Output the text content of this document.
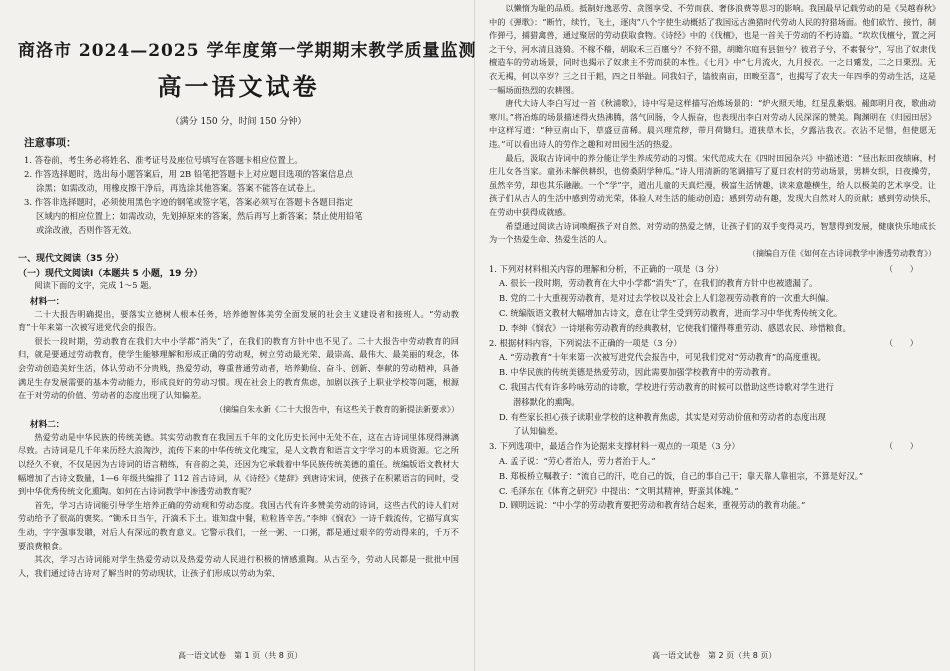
商洛市 2024—2025 学年度第一学期期末教学质量监测
高一语文试卷
（满分 150 分，时间 150 分钟）
注意事项：
1. 答卷前，考生务必将姓名、准考证号及座位号填写在答题卡相应位置上。
2. 作答选择题时，选出每小题答案后，用 2B 铅笔把答题卡上对应题目选项的答案信息点
涂黑；如需改动，用橡皮擦干净后，再选涂其他答案。答案不能答在试卷上。
3. 作答非选择题时，必须使用黑色字迹的钢笔或签字笔，答案必须写在答题卡各题目指定
区域内的相应位置上；如需改动，先划掉原来的答案，然后再写上新答案；禁止使用铅笔
或涂改液，否则作答无效。
一、现代文阅读（35 分）
（一）现代文阅读Ⅰ（本题共 5 小题，19 分）

阅读下面的文字，完成 1～5 题。

材料一：

二十大报告明确提出，要落实立德树人根本任务，培养德智体美劳全面发展的社会主义建设者和接班人。“劳动教育”十年来第一次被写进党代会的报告。

很长一段时期，劳动教育在我们大中小学都“消失”了，在我们的教育方针中也不见了。二十大报告中劳动教育的回归，就是要通过劳动教育，使学生能够理解和形成正确的劳动观，树立劳动最光荣、最崇高、最伟大、最美丽的观念，体会劳动创造美好生活，体认劳动不分贵贱，热爱劳动，尊重普通劳动者，培养勤俭、奋斗、创新、奉献的劳动精神，具备满足生存发展需要的基本劳动能力，形成良好的劳动习惯。现在社会上的教育焦虑，加剧以孩子上职业学校等问题，根源在于对劳动的价值、劳动者的态度出现了认知偏差。

（摘编自朱永新《二十大报告中，有这些关于教育的新提法新要求》）
材料二：

热爱劳动是中华民族的传统美德。其实劳动教育在我国五千年的文化历史长河中无处不在，这在古诗词里体现得淋漓尽致。古诗词是几千年来历经大浪淘沙，流传下来的中华传统文化瑰宝，是人文教育和语言文字学习的本质资源。它之所以经久不衰，不仅是因为古诗词的语言精练，有音韵之美，还因为它承载着中华民族传统美德的重任。统编版语文教材大幅增加了古诗文数量，1—6 年级共编排了 112 首古诗词，从《诗经》《楚辞》到唐诗宋词，使孩子在积累语言的同时，受到中华优秀传统文化熏陶。如何在古诗词教学中渗透劳动教育呢？

首先，学习古诗词能引导学生培养正确的劳动观和劳动态度。我国古代有许多赞美劳动的诗词，这些古代的诗人们对劳动给予了很高的褒奖。“锄禾日当午，汗滴禾下土。谁知盘中餐，粒粒皆辛苦。”李绅《悯农》一诗千载流传，它描写真实生动，字字强事发聩，对后人有深远的教育意义。它警示我们，一丝一粥、一口粥，都是通过艰辛的劳动得来的，千万不要浪费粮食。

其次，学习古诗词能对学生热爱劳动以及热爱劳动人民进行积极的情感熏陶。从古至今，劳动人民都是一批批中国人，我们通过诗古诗对了解当时的劳动现状，让孩子们形成以劳动为荣、

以懒惰为耻的品质。抵制好逸恶劳、贪图享受、不劳而获、奢侈浪费等思习的影响。我国最早记载劳动的是《吴越春秋》中的《弹歌》：“断竹，续竹，飞土，逐肉”八个字使生动概括了我国远古渔猎时代劳动人民的狩猎场面。他们砍竹、接竹，制作弹弓，捕猎禽兽，通过聚居的劳动获取食物。《诗经》中的《伐檀》，也是一首关于劳动的不朽诗篇。“坎坎伐檀兮，置之河之干兮，河水清且涟猗。不稼不穑，胡取禾三百廛兮？不狩不猎，胡瞻尔庭有县貆兮？彼君子兮，不素餐兮”，写出了奴隶伐檀造车的劳动场景，同时也揭示了奴隶主不劳而获的本性。《七月》中“七月流火，九月授衣。一之日觱发，二之日栗烈。无衣无褐，何以卒岁？三之日于耜，四之日举趾。同我妇子，馌彼南亩，田畯至喜”，也揭写了农夫一年四季的劳动生活，这是一幅场面热烈的农耕图。

唐代大诗人李白写过一首《秋浦歌》，诗中写是这样描写冶炼场景的：“炉火照天地，红星乱紫烟。赧郎明月夜，歌曲动寒川。”将冶炼的场景描述得火热沸腾，落气回肠，令人振奋，也表现出李白对劳动人民深深的赞美。陶渊明在《归园田居》中这样写道：“种豆南山下，草盛豆苗稀。晨兴理荒秽，带月荷锄归。道狭草木长，夕露沾我衣。衣沾不足惜，但使愿无违。”可以看出诗人的劳作之趣和对田园生活的热爱。

最后，汲取古诗词中的养分能让学生养成劳动的习惯。宋代范成大在《四时田园杂兴》中描述道：“昼出耘田夜绩麻，村庄儿女各当家。童孙未解供耕织，也傍桑阴学种瓜。”诗人用清新的笔调描写了夏日农村的劳动场景，男耕女织，日夜操劳，虽然辛劳，却也其乐融融。一个“学”字，道出儿童的天真烂漫，极富生活情趣，读来意趣横生，给人以极美的艺术享受。让孩子们从古人的生活中感到劳动光荣，体验人对生活的能动创造；感到劳动有趣，发现大自然对人的贡献；感到劳动快乐，在劳动中获得成就感。

希望通过阅读古诗词唤醒孩子对自然、对劳动的热爱之情，让孩子们的双手变得灵巧，智慧得到发展，健康快乐地成长为一个热爱生命、热爱生活的人。

（摘编自万佳《如何在古诗词教学中渗透劳动教育》）
（　　）
1. 下列对材料相关内容的理解和分析，不正确的一项是（3 分）
A. 很长一段时期，劳动教育在大中小学都“消失”了，在我们的教育方针中也被遗漏了。
B. 党的二十大重视劳动教育，是对过去学校以及社会上人们忽视劳动教育的一次重大纠偏。
C. 统编版语文教材大幅增加古诗文，意在让学生受到劳动教育，进而学习中华优秀传统文化。
D. 李绅《悯农》一诗堪称劳动教育的经典教材，它使我们懂得尊重劳动、感恩农民、珍惜粮食。
（　　）
2. 根据材料内容，下列说法不正确的一项是（3 分）
A. “劳动教育”十年来第一次被写进党代会报告中，可见我们党对“劳动教育”的高度重视。
B. 中华民族的传统美德是热爱劳动，因此需要加强学校教育中的劳动教育。
C. 我国古代有许多吟咏劳动的诗歌，学校进行劳动教育的时候可以借助这些诗歌对学生进行
潜移默化的熏陶。
D. 有些家长担心孩子读职业学校的这种教育焦虑，其实是对劳动价值和劳动者的态度出现
了认知偏差。
（　　）
3. 下列选项中，最适合作为论据来支撑材料一观点的一项是（3 分）
A. 孟子说：“劳心者治人，劳力者治于人。”
B. 郑板桥立嘱教子：“流自己的汗，吃自己的饭，自己的事自己干；靠天靠人靠祖宗，不算是好汉。”
C. 毛泽东在《体育之研究》中提出：“文明其精神，野蛮其体魄。”
D. 顾明远说：“中小学的劳动教育要把劳动和教育结合起来，重视劳动的教育功能。”
高一语文试卷　第 1 页（共 8 页）	高一语文试卷　第 2 页（共 8 页）
